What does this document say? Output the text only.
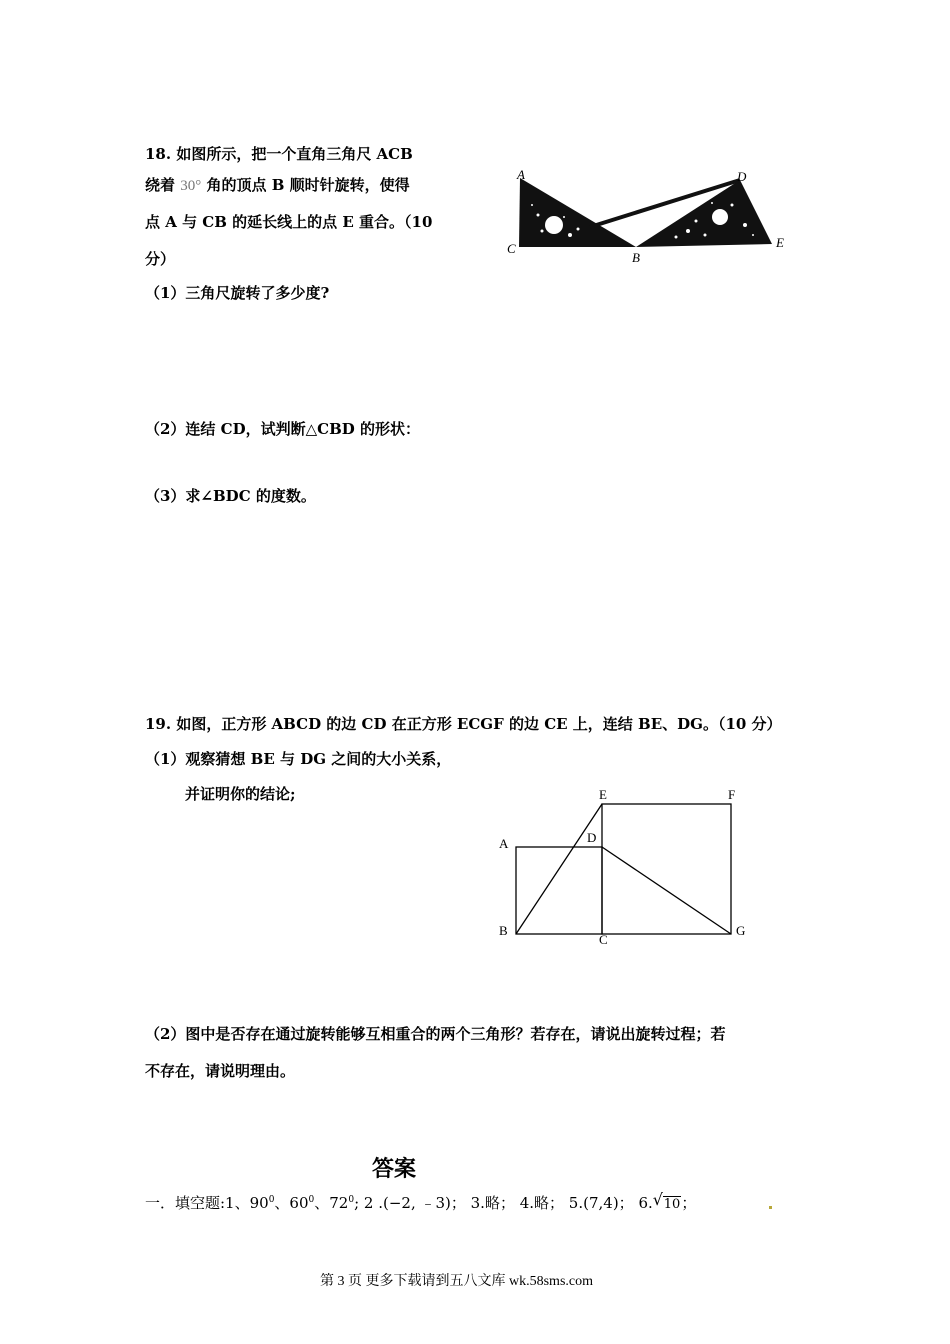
18. 如图所示，把一个直角三角尺 ACB
绕着 30° 角的顶点 B 顺时针旋转，使得
点 A 与 CB 的延长线上的点 E 重合。（10
分）
（1）三角尺旋转了多少度?
（2）连结 CD，试判断△CBD 的形状：
（3）求∠BDC 的度数。
A
C
B
D
E
19. 如图，正方形 ABCD 的边 CD 在正方形 ECGF 的边 CE 上，连结 BE、DG。（10 分）
（1）观察猜想 BE 与 DG 之间的大小关系，
并证明你的结论;
A
B
C
D
E	F
G
（2）图中是否存在通过旋转能够互相重合的两个三角形？若存在，请说出旋转过程；若
不存在，请说明理由。
答案
一．填空题:1、$90^0$、$60^0$、$72^0$; 2 .(−2, ﹣3)； 3.略； 4.略； 5.(7,4)； 6. √ 10；
第 3 页 更多下载请到五八文库 wk.58sms.com
